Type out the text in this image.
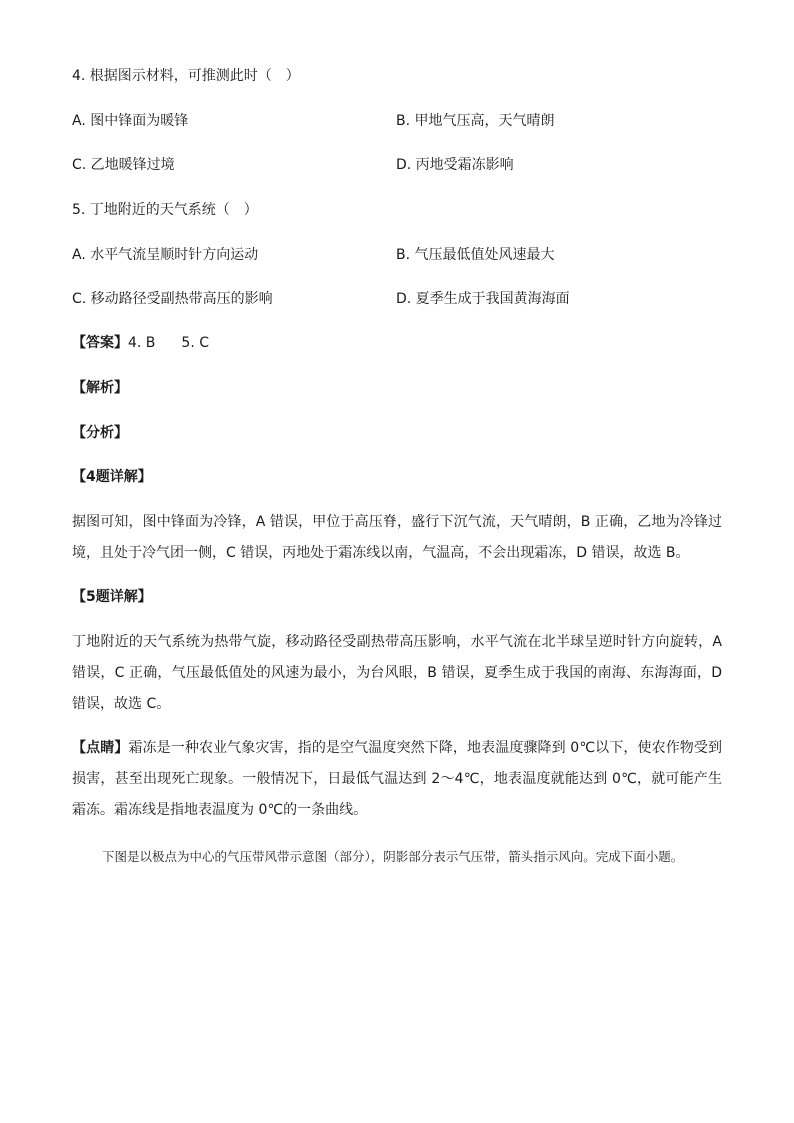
4. 根据图示材料，可推测此时（　）
A. 图中锋面为暖锋	B. 甲地气压高，天气晴朗
C. 乙地暖锋过境	D. 丙地受霜冻影响
5. 丁地附近的天气系统（　）
A. 水平气流呈顺时针方向运动	B. 气压最低值处风速最大
C. 移动路径受副热带高压的影响	D. 夏季生成于我国黄海海面
【答案】4. B 5. C
【解析】
【分析】
【4题详解】
据图可知，图中锋面为冷锋，A 错误，甲位于高压脊，盛行下沉气流，天气晴朗，B 正确，乙地为冷锋过境，且处于冷气团一侧，C 错误，丙地处于霜冻线以南，气温高，不会出现霜冻，D 错误，故选 B。
【5题详解】
丁地附近的天气系统为热带气旋，移动路径受副热带高压影响，水平气流在北半球呈逆时针方向旋转，A 错误，C 正确，气压最低值处的风速为最小，为台风眼，B 错误，夏季生成于我国的南海、东海海面，D 错误，故选 C。
【点睛】霜冻是一种农业气象灾害，指的是空气温度突然下降，地表温度骤降到 0℃以下，使农作物受到损害，甚至出现死亡现象。一般情况下，日最低气温达到 2～4℃，地表温度就能达到 0℃，就可能产生霜冻。霜冻线是指地表温度为 0℃的一条曲线。
下图是以极点为中心的气压带风带示意图（部分），阴影部分表示气压带，箭头指示风向。完成下面小题。
